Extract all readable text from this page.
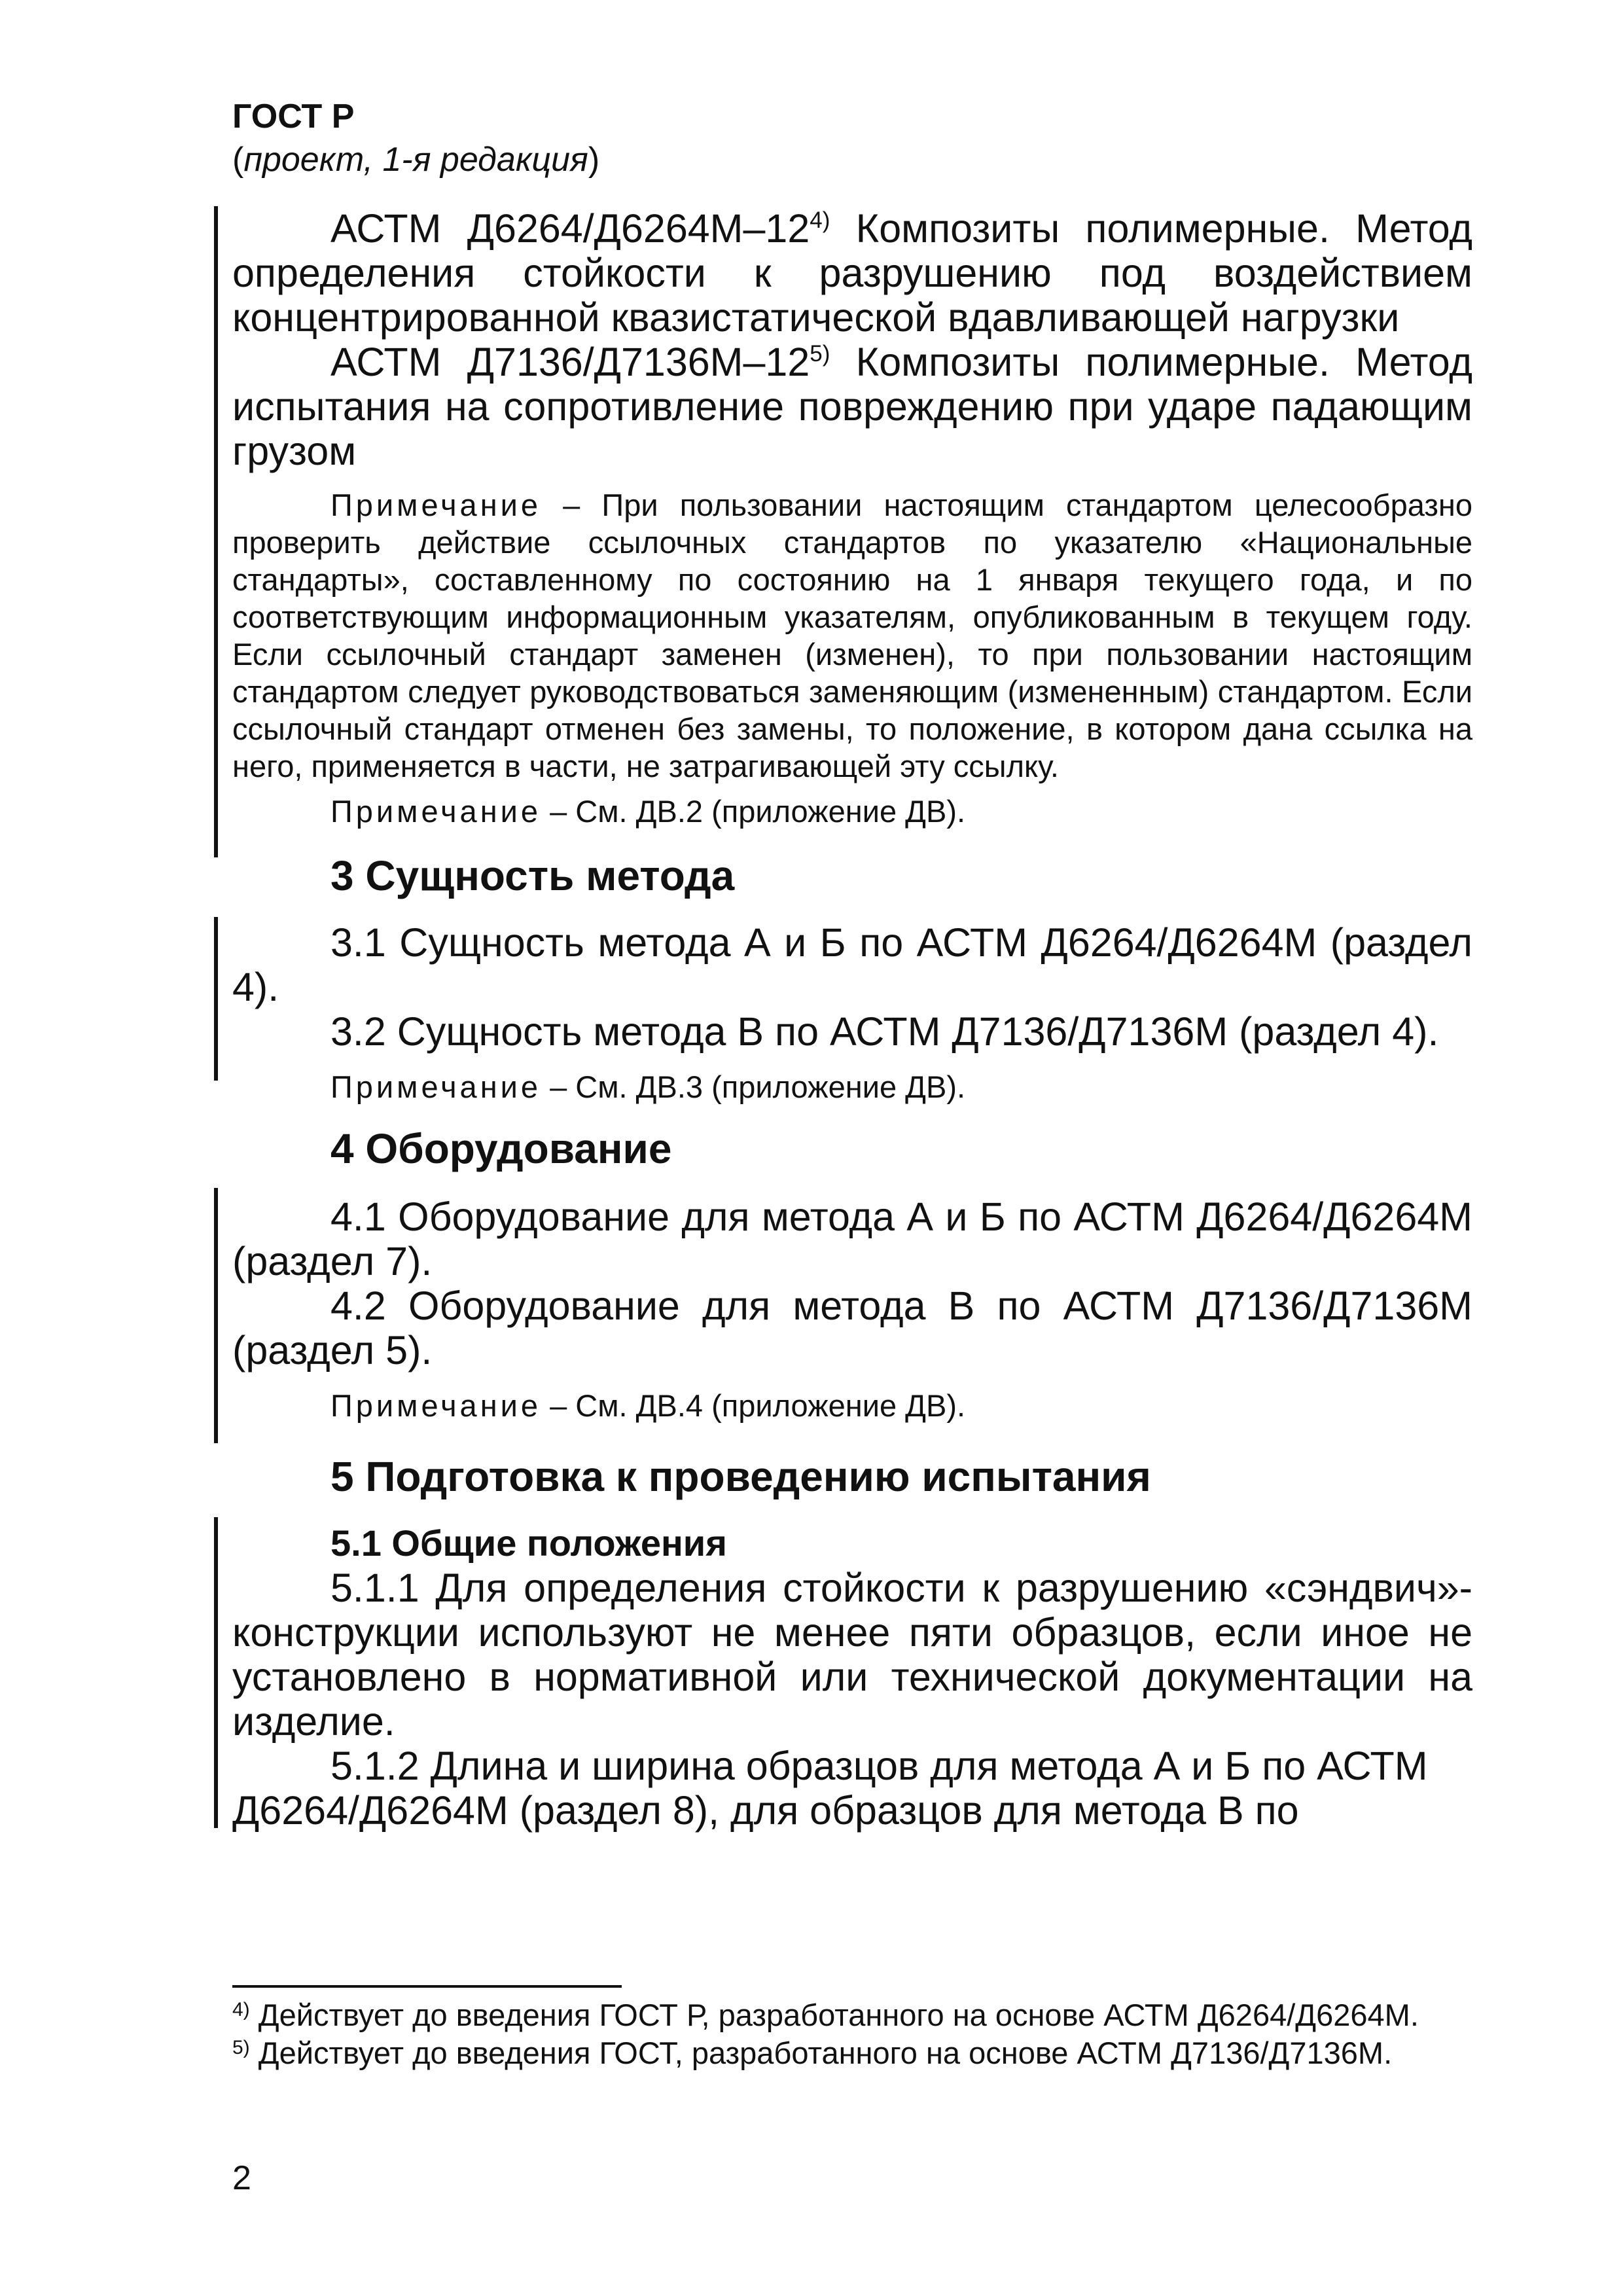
ГОСТ Р
(проект, 1-я редакция)

АСТМ Д6264/Д6264М–12$^{4)}$ Композиты полимерные. Метод определения стойкости к разрушению под воздействием концентрированной квазистатической вдавливающей нагрузки

АСТМ Д7136/Д7136М–12$^{5)}$ Композиты полимерные. Метод испытания на сопротивление повреждению при ударе падающим грузом

Примечание – При пользовании настоящим стандартом целесообразно проверить действие ссылочных стандартов по указателю «Национальные стандарты», составленному по состоянию на 1 января текущего года, и по соответствующим информационным указателям, опубликованным в текущем году. Если ссылочный стандарт заменен (изменен), то при пользовании настоящим стандартом следует руководствоваться заменяющим (измененным) стандартом. Если ссылочный стандарт отменен без замены, то положение, в котором дана ссылка на него, применяется в части, не затрагивающей эту ссылку.

Примечание – См. ДВ.2 (приложение ДВ).

3 Сущность метода

3.1 Сущность метода А и Б по АСТМ Д6264/Д6264М (раздел 4).

3.2 Сущность метода В по АСТМ Д7136/Д7136М (раздел 4).

Примечание – См. ДВ.3 (приложение ДВ).

4 Оборудование

4.1 Оборудование для метода А и Б по АСТМ Д6264/Д6264М (раздел 7).

4.2 Оборудование для метода В по АСТМ Д7136/Д7136М (раздел 5).

Примечание – См. ДВ.4 (приложение ДВ).

5 Подготовка к проведению испытания
5.1 Общие положения

5.1.1 Для определения стойкости к разрушению «сэндвич»-конструкции используют не менее пяти образцов, если иное не установлено в нормативной или технической документации на изделие.

5.1.2 Длина и ширина образцов для метода А и Б по АСТМ Д6264/Д6264М (раздел 8), для образцов для метода В по

$^{4)}$ Действует до введения ГОСТ Р, разработанного на основе АСТМ Д6264/Д6264М.
$^{5)}$ Действует до введения ГОСТ, разработанного на основе АСТМ Д7136/Д7136М.
2
